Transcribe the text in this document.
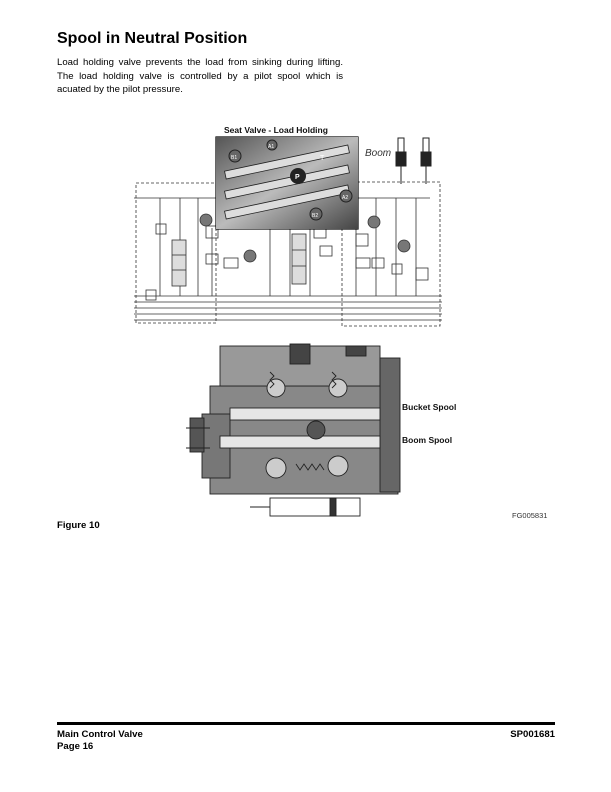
Spool in Neutral Position

Load holding valve prevents the load from sinking during lifting. The load holding valve is controlled by a pilot spool which is acuated by the pilot pressure.

Boom
B1
A1
P
T
B2
A2
Seat Valve - Load Holding
Bucket Spool
Boom Spool
FG005831

Figure 10

Main Control Valve
Page 16
SP001681
